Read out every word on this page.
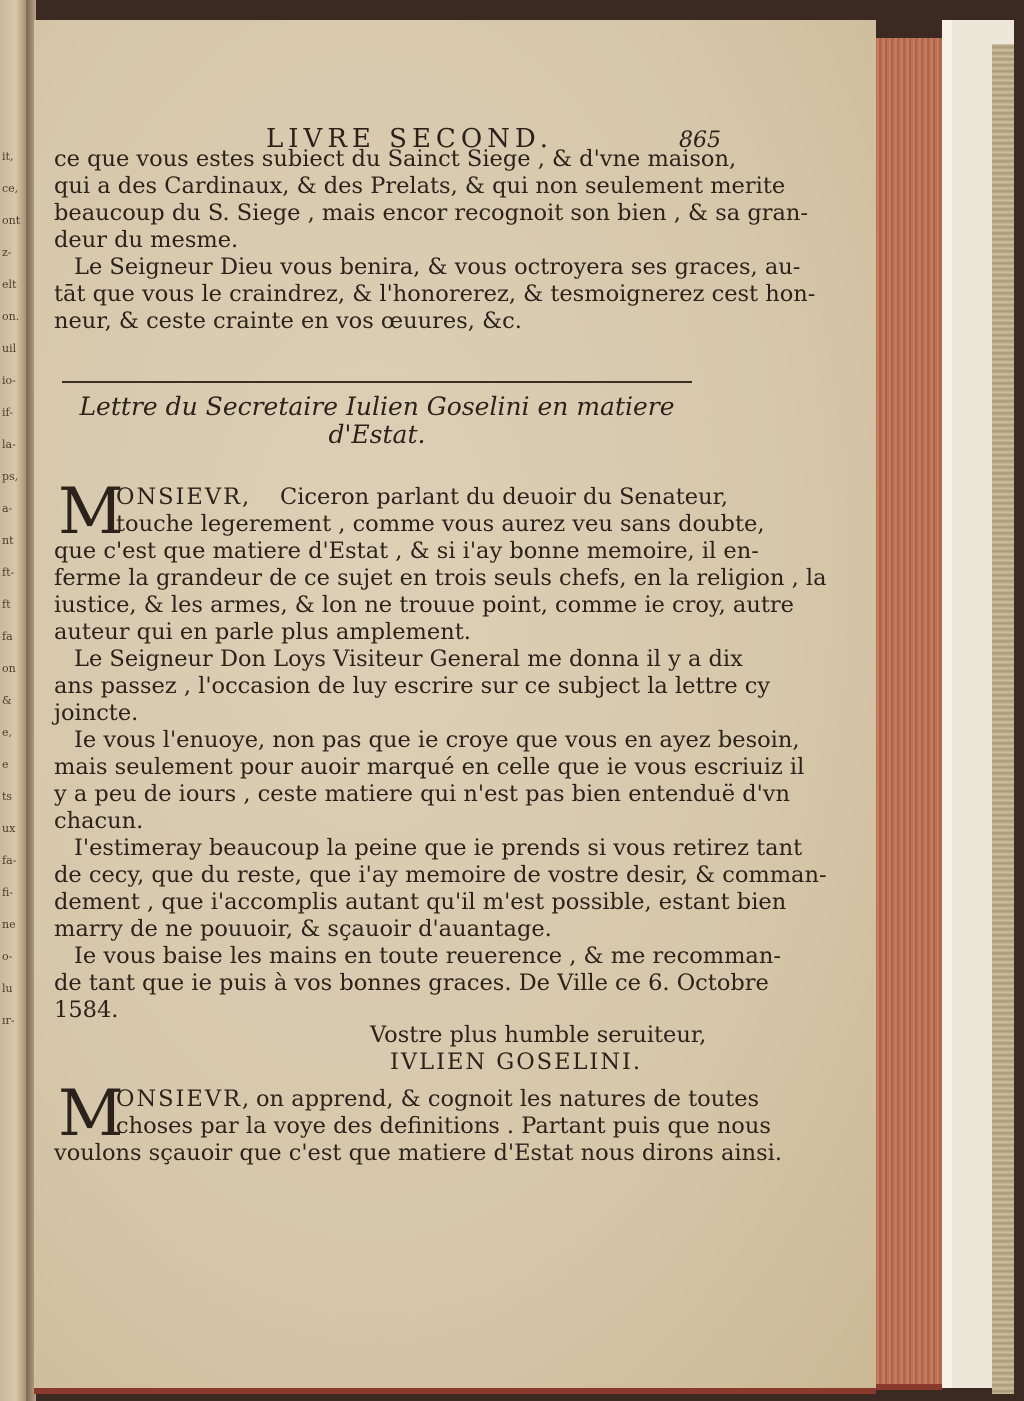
it,
ce,
ont
z-
elt
on.
uil
io-
if-
la-
ps,
a-
nt
ft-
ft
fa
on
&
e,
e
ts
ux
fa-
fi-
ne
o-
lu
ır-
LIVRE SECOND.	865
ce que vous estes subiect du Sainct Siege , & d'vne maison,
qui a des Cardinaux, & des Prelats, & qui non seulement merite
beaucoup du S. Siege , mais encor recognoit son bien , & sa gran-
deur du mesme.
Le Seigneur Dieu vous benira, & vous octroyera ses graces, au-
tāt que vous le craindrez, & l'honorerez, & tesmoignerez cest hon-
neur, & ceste crainte en vos œuures, &c.
Lettre du Secretaire Iulien Goselini en matiere
d'Estat.
M
ONSIEVR, Ciceron parlant du deuoir du Senateur,
touche legerement , comme vous aurez veu sans doubte,
que c'est que matiere d'Estat , & si i'ay bonne memoire, il en-
ferme la grandeur de ce sujet en trois seuls chefs, en la religion , la
iustice, & les armes, & lon ne trouue point, comme ie croy, autre
auteur qui en parle plus amplement.
Le Seigneur Don Loys Visiteur General me donna il y a dix
ans passez , l'occasion de luy escrire sur ce subject la lettre cy
joincte.
Ie vous l'enuoye, non pas que ie croye que vous en ayez besoin,
mais seulement pour auoir marqué en celle que ie vous escriuiz il
y a peu de iours , ceste matiere qui n'est pas bien entenduë d'vn
chacun.
I'estimeray beaucoup la peine que ie prends si vous retirez tant
de cecy, que du reste, que i'ay memoire de vostre desir, & comman-
dement , que i'accomplis autant qu'il m'est possible, estant bien
marry de ne pouuoir, & sçauoir d'auantage.
Ie vous baise les mains en toute reuerence , & me recomman-
de tant que ie puis à vos bonnes graces. De Ville ce 6. Octobre
1584.
Vostre plus humble seruiteur,
IVLIEN GOSELINI.
M
ONSIEVR, on apprend, & cognoit les natures de toutes
choses par la voye des definitions . Partant puis que nous
voulons sçauoir que c'est que matiere d'Estat nous dirons ainsi.
